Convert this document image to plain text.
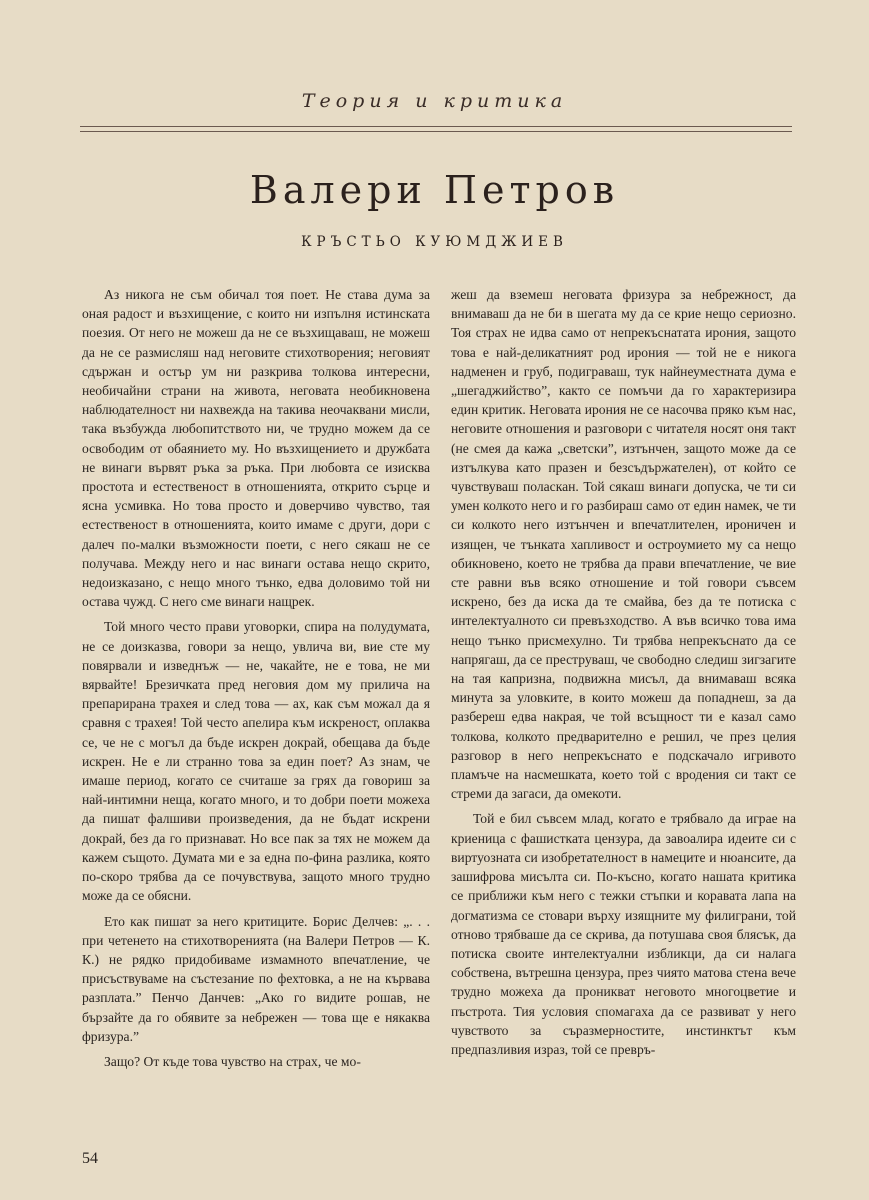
Теория и критика
Валери Петров
КРЪСТЬО КУЮМДЖИЕВ

Аз никога не съм обичал тоя поет. Не става дума за оная радост и възхищение, с които ни изпълня истинската поезия. От него не можеш да не се възхищаваш, не можеш да не се размисляш над неговите стихотворения; неговият сдържан и остър ум ни разкрива толкова интересни, необичайни страни на живота, неговата необикновена наблюдателност ни нахвежда на такива неочаквани мисли, така възбужда любопитството ни, че трудно можем да се освободим от обаянието му. Но възхищението и дружбата не винаги вървят ръка за ръка. При любовта се изисква простота и естественост в отношенията, открито сърце и ясна усмивка. Но това просто и доверчиво чувство, тая естественост в отношенията, които имаме с други, дори с далеч по-малки възможности поети, с него сякаш не се получава. Между него и нас винаги остава нещо скрито, недоизказано, с нещо много тънко, едва доловимо той ни остава чужд. С него сме винаги нащрек.

Той много често прави уговорки, спира на полудумата, не се доизказва, говори за нещо, увлича ви, вие сте му повярвали и изведнъж — не, чакайте, не е това, не ми вярвайте! Брезичката пред неговия дом му прилича на препарирана трахея и след това — ах, как съм можал да я сравня с трахея! Той често апелира към искреност, оплаква се, че не с могъл да бъде искрен докрай, обещава да бъде искрен. Не е ли странно това за един поет? Аз знам, че имаше период, когато се считаше за грях да говориш за най-интимни неща, когато много, и то добри поети можеха да пишат фалшиви произведения, да не бъдат искрени докрай, без да го признават. Но все пак за тях не можем да кажем същото. Думата ми е за една по-фина разлика, която по-скоро трябва да се почувствува, защото много трудно може да се обясни.

Ето как пишат за него критиците. Борис Делчев: „. . . при четенето на стихотворенията (на Валери Петров — К. К.) не рядко придобиваме измамното впечатление, че присъствуваме на състезание по фехтовка, а не на кървава разплата.” Пенчо Данчев: „Ако го видите рошав, не бързайте да го обявите за небрежен — това ще е някаква фризура.”

Защо? От къде това чувство на страх, че мо-

жеш да вземеш неговата фризура за небрежност, да внимаваш да не би в шегата му да се крие нещо сериозно. Тоя страх не идва само от непрекъснатата ирония, защото това е най-деликатният род ирония — той не е никога надменен и груб, подиграваш, тук найнеуместната дума е „шегаджийство”, както се помъчи да го характеризира един критик. Неговата ирония не се насочва пряко към нас, неговите отношения и разговори с читателя носят оня такт (не смея да кажа „светски”, изтънчен, защото може да се изтълкува като празен и безсъдържателен), от който се чувствуваш поласкан. Той сякаш винаги допуска, че ти си умен колкото него и го разбираш само от един намек, че ти си колкото него изтънчен и впечатлителен, ироничен и изящен, че тънката хапливост и остроумието му са нещо обикновено, което не трябва да прави впечатление, че вие сте равни във всяко отношение и той говори съвсем искрено, без да иска да те смайва, без да те потиска с интелектуалното си превъзходство. А във всичко това има нещо тънко присмехулно. Ти трябва непрекъснато да се напрягаш, да се преструваш, че свободно следиш зигзагите на тая капризна, подвижна мисъл, да внимаваш всяка минута за уловките, в които можеш да попаднеш, за да разбереш едва накрая, че той всъщност ти е казал само толкова, колкото предварително е решил, че през целия разговор в него непрекъснато е подскачало игривото пламъче на насмешката, което той с вродения си такт се стреми да загаси, да омекоти.

Той е бил съвсем млад, когато е трябвало да играе на криеница с фашистката цензура, да завоалира идеите си с виртуозната си изобретателност в намеците и нюансите, да зашифрова мисълта си. По-късно, когато нашата критика се приближи към него с тежки стъпки и коравата лапа на догматизма се стовари върху изящните му филиграни, той отново трябваше да се скрива, да потушава своя блясък, да потиска своите интелектуални избликци, да си налага собствена, вътрешна цензура, през чиято матова стена вече трудно можеха да проникват неговото многоцветие и пъстрота. Тия условия спомагаха да се развиват у него чувството за съразмерностите, инстинктът към предпазливия израз, той се превръ-

54
